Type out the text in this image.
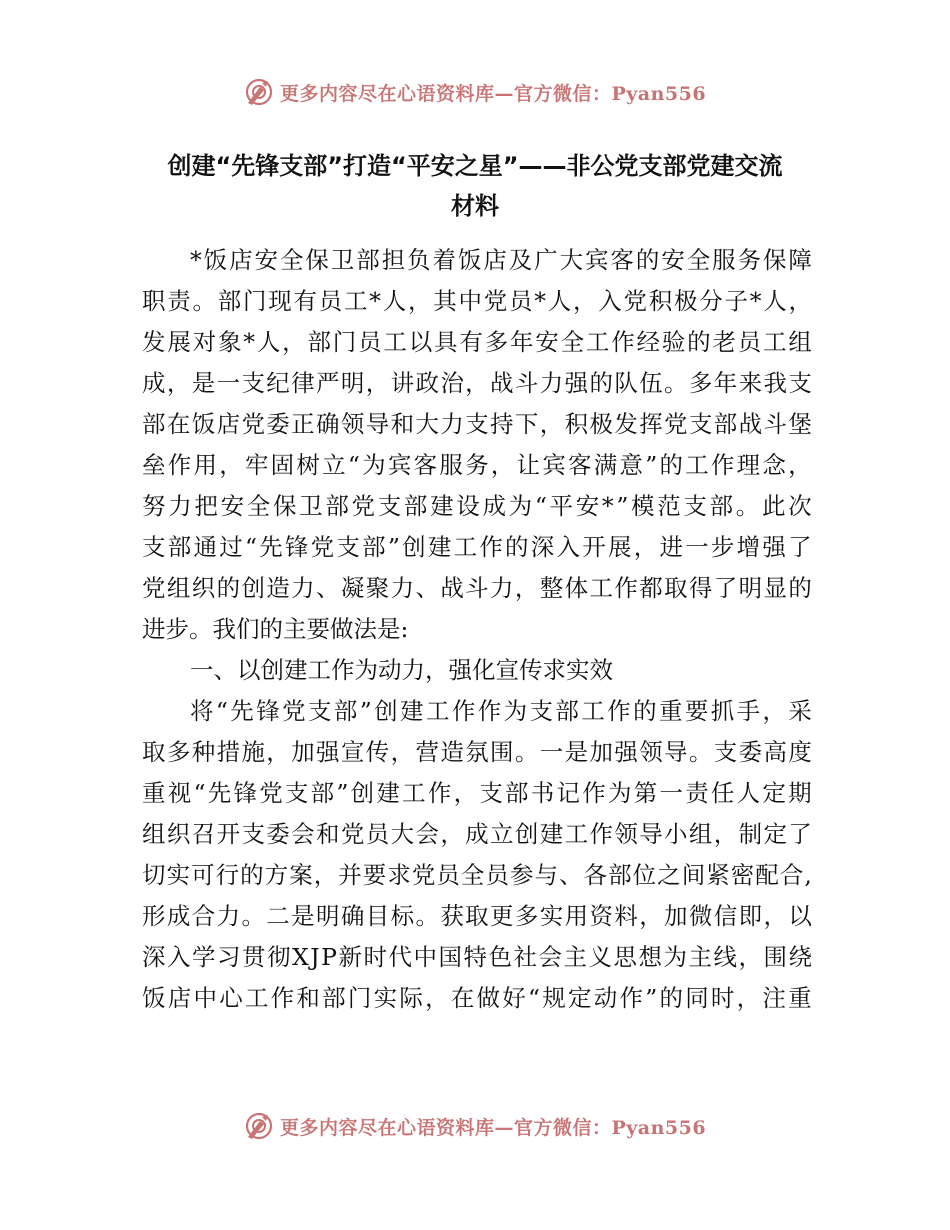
更多内容尽在心语资料库—官方微信：Pyan556
创建“先锋支部”打造“平安之星”——非公党支部党建交流
材料
* 饭 店 安 全 保 卫 部 担 负 着 饭 店 及 广 大 宾 客 的 安 全 服 务 保 障
职 责 。 部 门 现 有 员 工 * 人 ， 其 中 党 员 * 人 ， 入 党 积 极 分 子 * 人 ，
发 展 对 象 * 人 ， 部 门 员 工 以 具 有 多 年 安 全 工 作 经 验 的 老 员 工 组
成 ， 是 一 支 纪 律 严 明 ， 讲 政 治 ， 战 斗 力 强 的 队 伍 。 多 年 来 我 支
部 在 饭 店 党 委 正 确 领 导 和 大 力 支 持 下 ， 积 极 发 挥 党 支 部 战 斗 堡
垒 作 用 ， 牢 固 树 立 “ 为 宾 客 服 务 ， 让 宾 客 满 意 ” 的 工 作 理 念 ，
努 力 把 安 全 保 卫 部 党 支 部 建 设 成 为 “ 平 安 * ” 模 范 支 部 。 此 次
支 部 通 过 “ 先 锋 党 支 部 ” 创 建 工 作 的 深 入 开 展 ， 进 一 步 增 强 了
党 组 织 的 创 造 力 、 凝 聚 力 、 战 斗 力 ， 整 体 工 作 都 取 得 了 明 显 的
进步。我们的主要做法是:
一、以创建工作为动力，强化宣传求实效
将 “ 先 锋 党 支 部 ” 创 建 工 作 作 为 支 部 工 作 的 重 要 抓 手 ， 采
取 多 种 措 施 ， 加 强 宣 传 ， 营 造 氛 围 。 一 是 加 强 领 导 。 支 委 高 度
重 视 “ 先 锋 党 支 部 ” 创 建 工 作 ， 支 部 书 记 作 为 第 一 责 任 人 定 期
组 织 召 开 支 委 会 和 党 员 大 会 ， 成 立 创 建 工 作 领 导 小 组 ， 制 定 了
切 实 可 行 的 方 案 ， 并 要 求 党 员 全 员 参 与 、 各 部 位 之 间 紧 密 配 合 ,
形 成 合 力 。 二 是 明 确 目 标 。 获 取 更 多 实 用 资 料 ， 加 微 信 即 ， 以
深 入 学 习 贯 彻 X J P 新 时 代 中 国 特 色 社 会 主 义 思 想 为 主 线 ， 围 绕
饭 店 中 心 工 作 和 部 门 实 际 ， 在 做 好 “ 规 定 动 作 ” 的 同 时 ， 注 重
更多内容尽在心语资料库—官方微信：Pyan556
